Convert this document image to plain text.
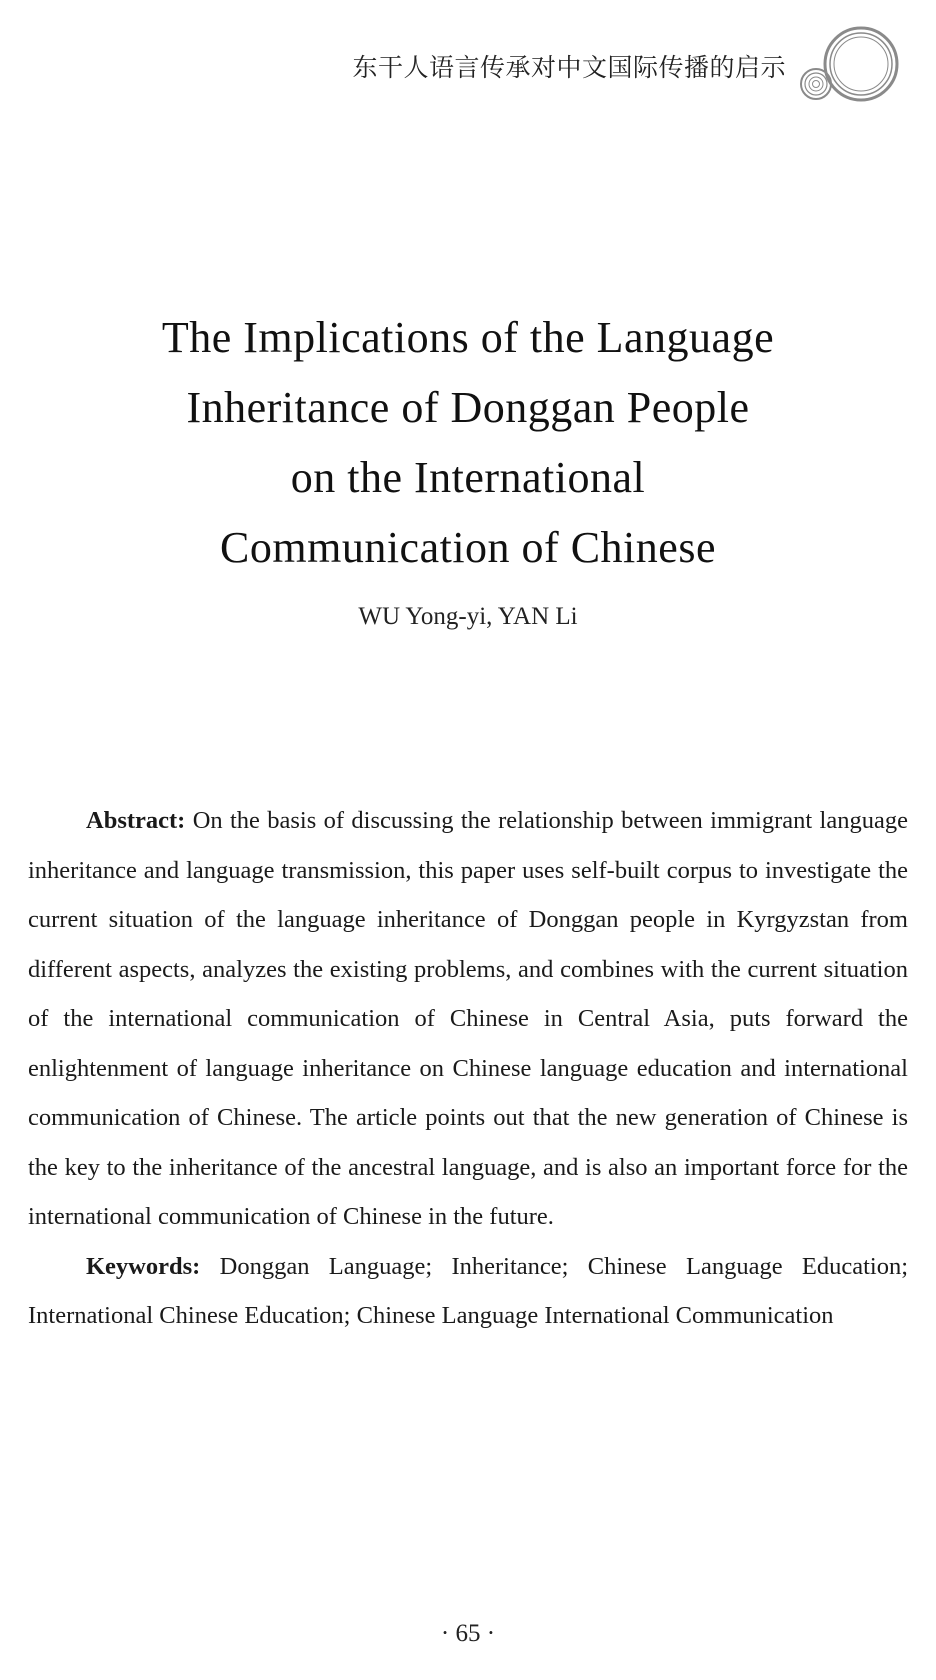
东干人语言传承对中文国际传播的启示
The Implications of the Language
Inheritance of Donggan People
on the International
Communication of Chinese
WU Yong-yi, YAN Li

Abstract: On the basis of discussing the relationship between immigrant language inheritance and language transmission, this paper uses self-built corpus to investigate the current situation of the language inheritance of Donggan people in Kyrgyzstan from different aspects, analyzes the existing problems, and combines with the current situation of the international communication of Chinese in Central Asia, puts forward the enlightenment of language inheritance on Chinese language education and international communication of Chinese. The article points out that the new generation of Chinese is the key to the inheritance of the ancestral language, and is also an important force for the international communication of Chinese in the future.

Keywords: Donggan Language; Inheritance; Chinese Language Education; International Chinese Education; Chinese Language International Communication

· 65 ·
